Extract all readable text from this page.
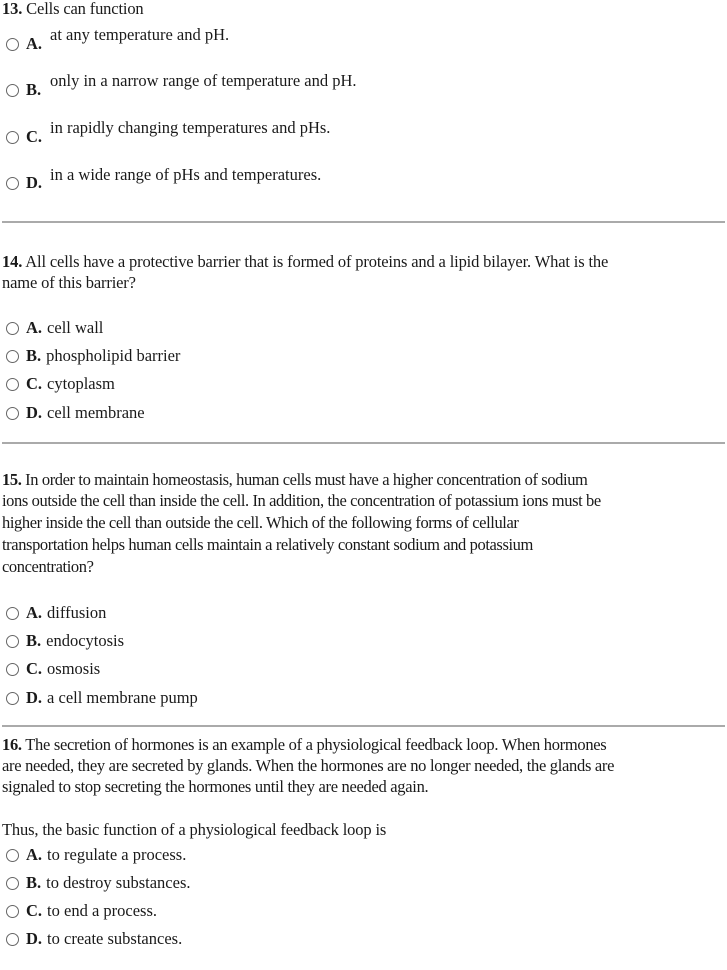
13. Cells can function
A. at any temperature and pH.
B. only in a narrow range of temperature and pH.
C. in rapidly changing temperatures and pHs.
D. in a wide range of pHs and temperatures.
14. All cells have a protective barrier that is formed of proteins and a lipid bilayer. What is the
name of this barrier?
A. cell wall
B. phospholipid barrier
C. cytoplasm
D. cell membrane
15. In order to maintain homeostasis, human cells must have a higher concentration of sodium
ions outside the cell than inside the cell. In addition, the concentration of potassium ions must be
higher inside the cell than outside the cell. Which of the following forms of cellular
transportation helps human cells maintain a relatively constant sodium and potassium
concentration?
A. diffusion
B. endocytosis
C. osmosis
D. a cell membrane pump
16. The secretion of hormones is an example of a physiological feedback loop. When hormones
are needed, they are secreted by glands. When the hormones are no longer needed, the glands are
signaled to stop secreting the hormones until they are needed again.
Thus, the basic function of a physiological feedback loop is
A. to regulate a process.
B. to destroy substances.
C. to end a process.
D. to create substances.
